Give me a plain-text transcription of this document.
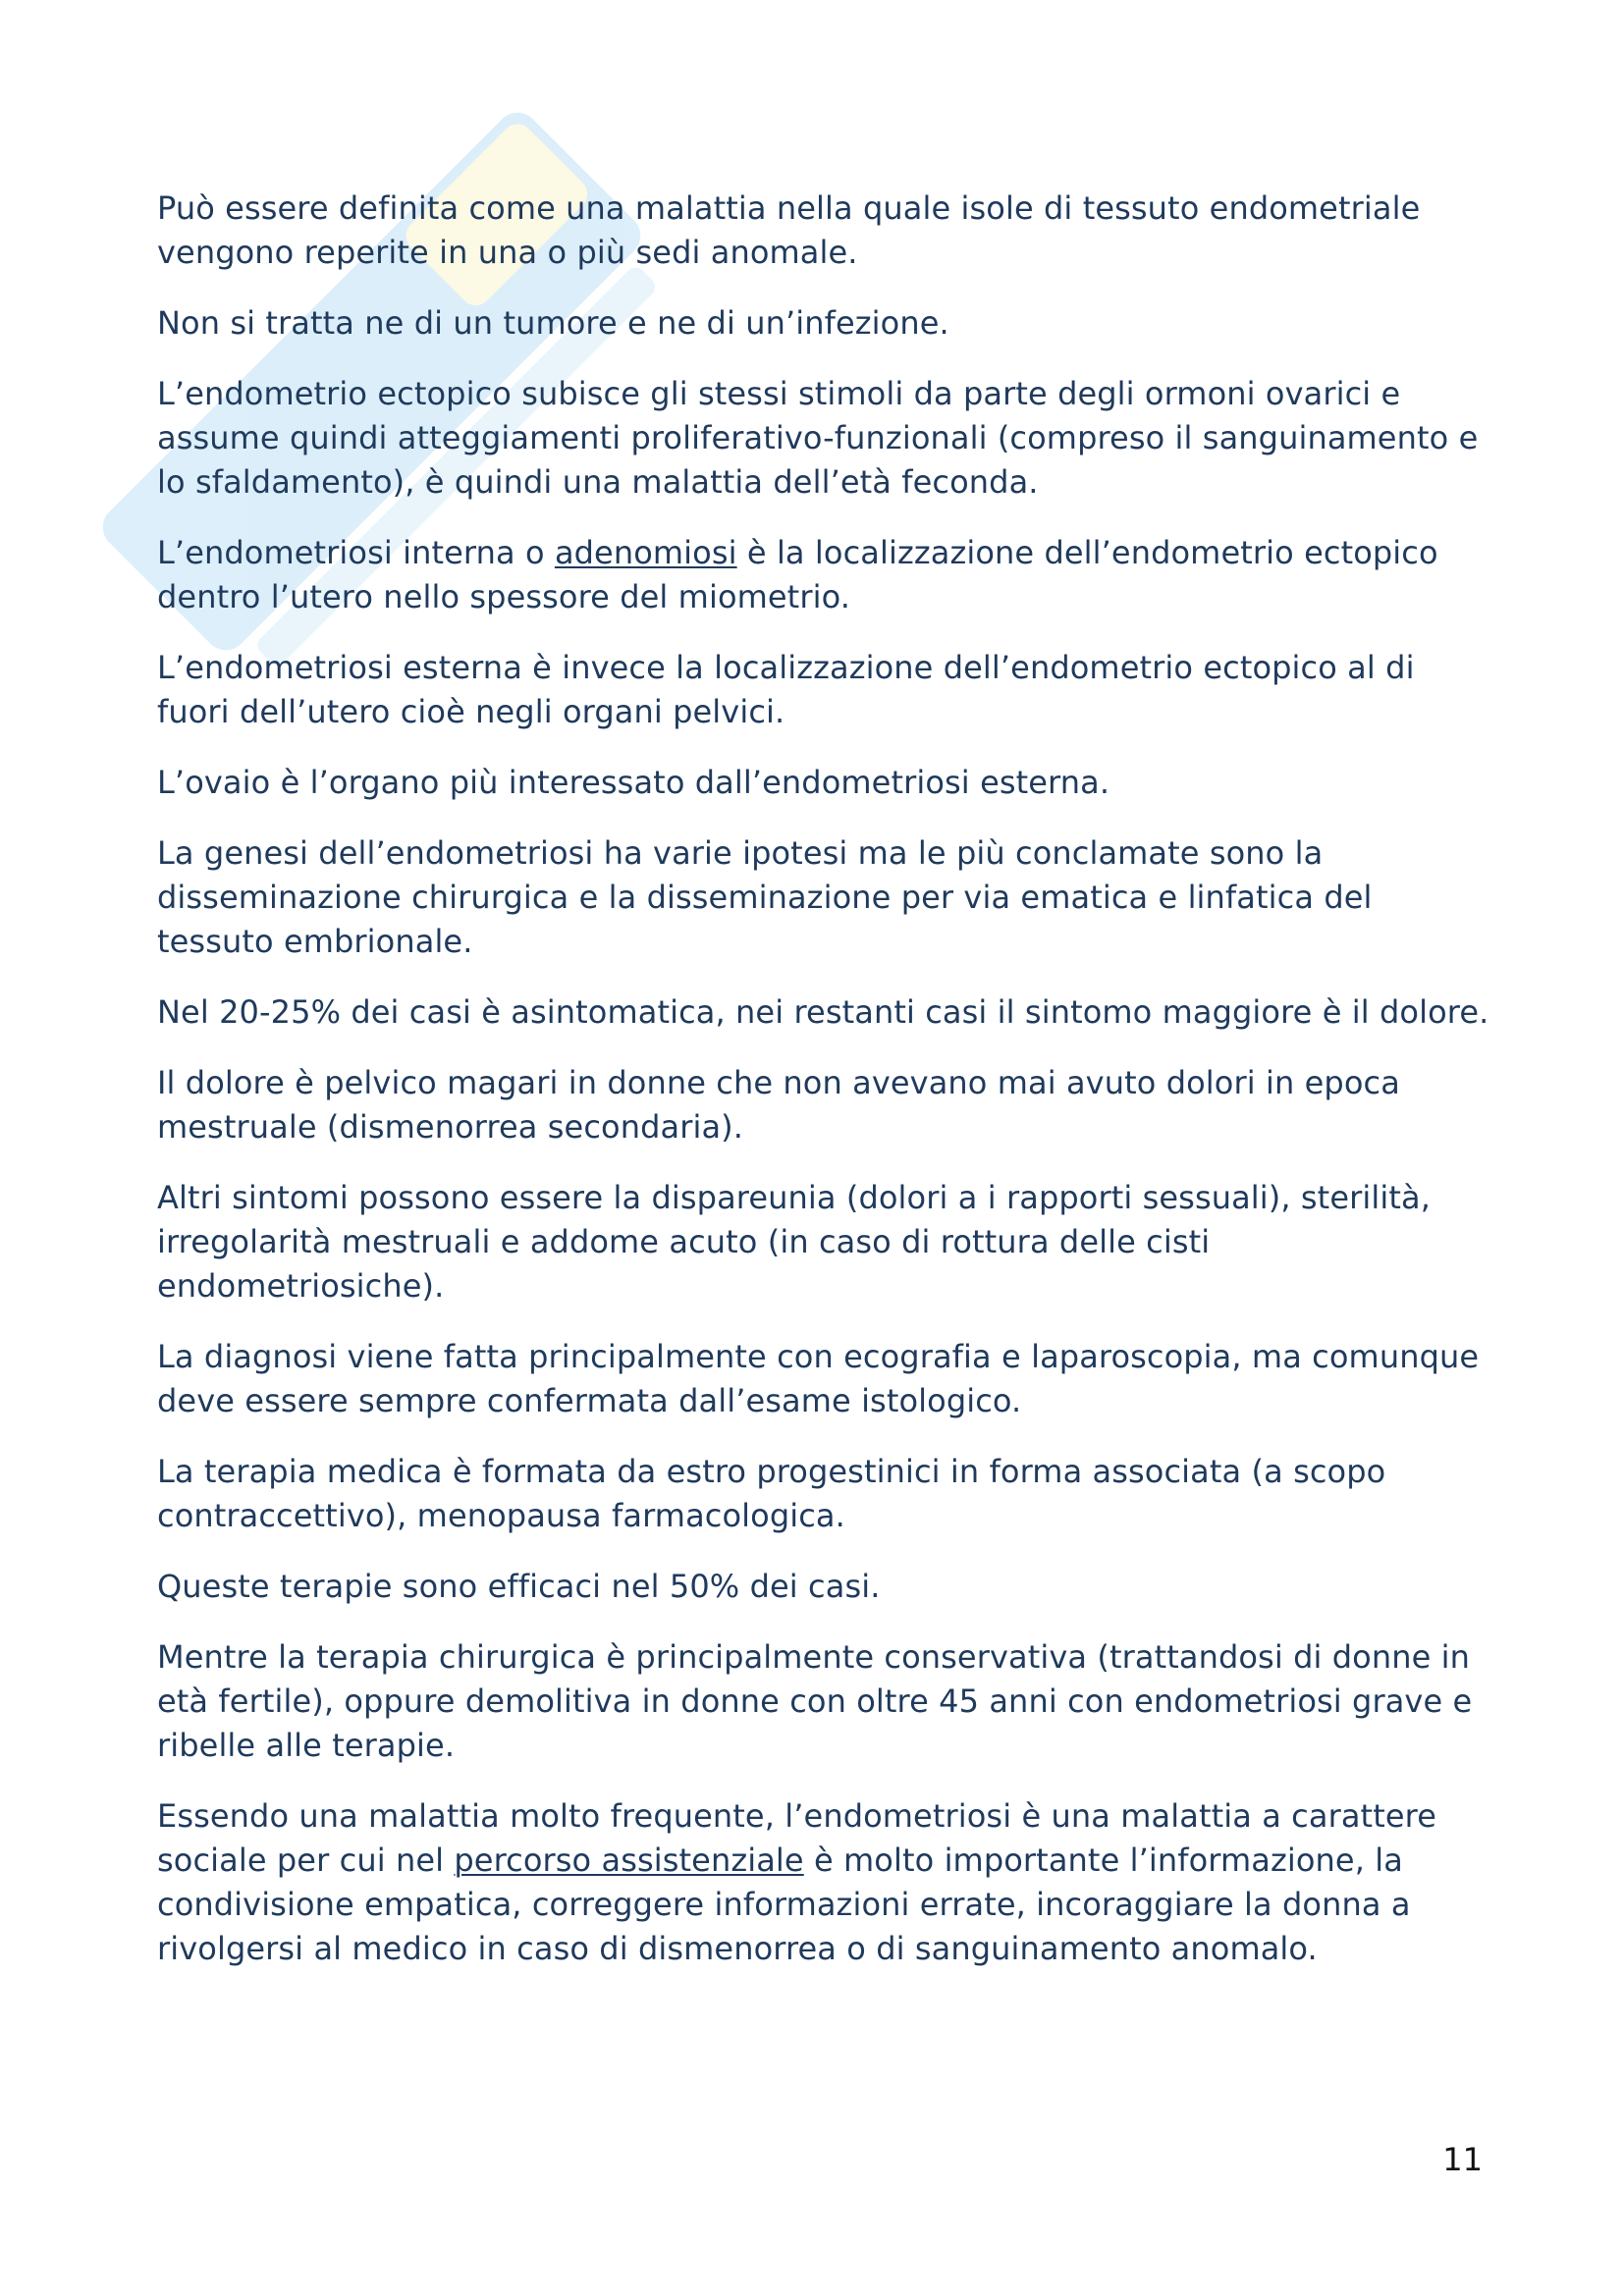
Può essere definita come una malattia nella quale isole di tessuto endometriale vengono reperite in una o più sedi anomale.

Non si tratta ne di un tumore e ne di un’infezione.

L’endometrio ectopico subisce gli stessi stimoli da parte degli ormoni ovarici e assume quindi atteggiamenti proliferativo-funzionali (compreso il sanguinamento e lo sfaldamento), è quindi una malattia dell’età feconda.

L’endometriosi interna o adenomiosi è la localizzazione dell’endometrio ectopico dentro l’utero nello spessore del miometrio.

L’endometriosi esterna è invece la localizzazione dell’endometrio ectopico al di fuori dell’utero cioè negli organi pelvici.

L’ovaio è l’organo più interessato dall’endometriosi esterna.

La genesi dell’endometriosi ha varie ipotesi ma le più conclamate sono la disseminazione chirurgica e la disseminazione per via ematica e linfatica del tessuto embrionale.

Nel 20-25% dei casi è asintomatica, nei restanti casi il sintomo maggiore è il dolore.

Il dolore è pelvico magari in donne che non avevano mai avuto dolori in epoca mestruale (dismenorrea secondaria).

Altri sintomi possono essere la dispareunia (dolori a i rapporti sessuali), sterilità, irregolarità mestruali e addome acuto (in caso di rottura delle cisti endometriosiche).

La diagnosi viene fatta principalmente con ecografia e laparoscopia, ma comunque deve essere sempre confermata dall’esame istologico.

La terapia medica è formata da estro progestinici in forma associata (a scopo contraccettivo), menopausa farmacologica.

Queste terapie sono efficaci nel 50% dei casi.

Mentre la terapia chirurgica è principalmente conservativa (trattandosi di donne in età fertile), oppure demolitiva in donne con oltre 45 anni con endometriosi grave e ribelle alle terapie.

Essendo una malattia molto frequente, l’endometriosi è una malattia a carattere sociale per cui nel percorso assistenziale è molto importante l’informazione, la condivisione empatica, correggere informazioni errate, incoraggiare la donna a rivolgersi al medico in caso di dismenorrea o di sanguinamento anomalo.

11
